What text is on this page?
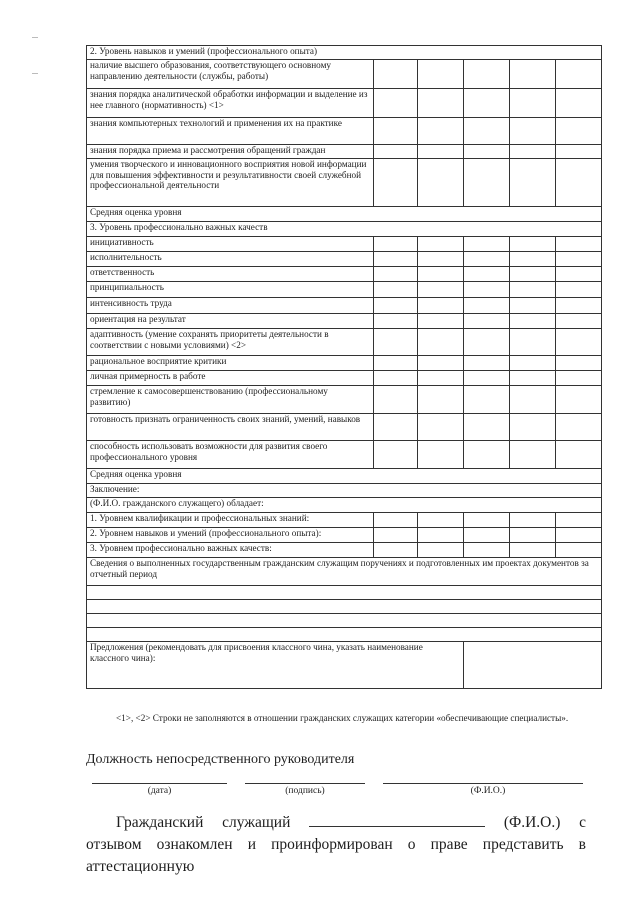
2. Уровень навыков и умений (профессионального опыта)					
наличие высшего образования, соответствующего основному направлению деятельности (службы, работы)					
знания порядка аналитической обработки информации и выделение из нее главного (нормативность) <1>					
знания компьютерных технологий и применения их на практике					
знания порядка приема и рассмотрения обращений граждан					
умения творческого и инновационного восприятия новой информации для повышения эффективности и результативности своей служебной профессиональной деятельности					
Средняя оценка уровня					
3. Уровень профессионально важных качеств					
инициативность					
исполнительность					
ответственность					
принципиальность					
интенсивность труда					
ориентация на результат					
адаптивность (умение сохранять приоритеты деятельности в соответствии с новыми условиями) <2>					
рациональное восприятие критики					
личная примерность в работе					
стремление к самосовершенствованию (профессиональному развитию)					
готовность признать ограниченность своих знаний, умений, навыков					
способность использовать возможности для развития своего профессионального уровня					
Средняя оценка уровня					
Заключение:					
(Ф.И.О. гражданского служащего) обладает:					
1. Уровнем квалификации и профессиональных знаний:					
2. Уровнем навыков и умений (профессионального опыта):					
3. Уровнем профессионально важных качеств:					
Сведения о выполненных государственным гражданским служащим поручениях и подготовленных им проектах документов за отчетный период					

Предложения (рекомендовать для присвоения классного чина, указать наименование классного чина):					
<1>, <2> Строки не заполняются в отношении гражданских служащих категории «обеспечивающие специалисты».
Должность непосредственного руководителя
(дата)	(подпись)	(Ф.И.О.)
Гражданский служащий	(Ф.И.О.) с отзывом ознакомлен и проинформирован о праве представить в аттестационную
